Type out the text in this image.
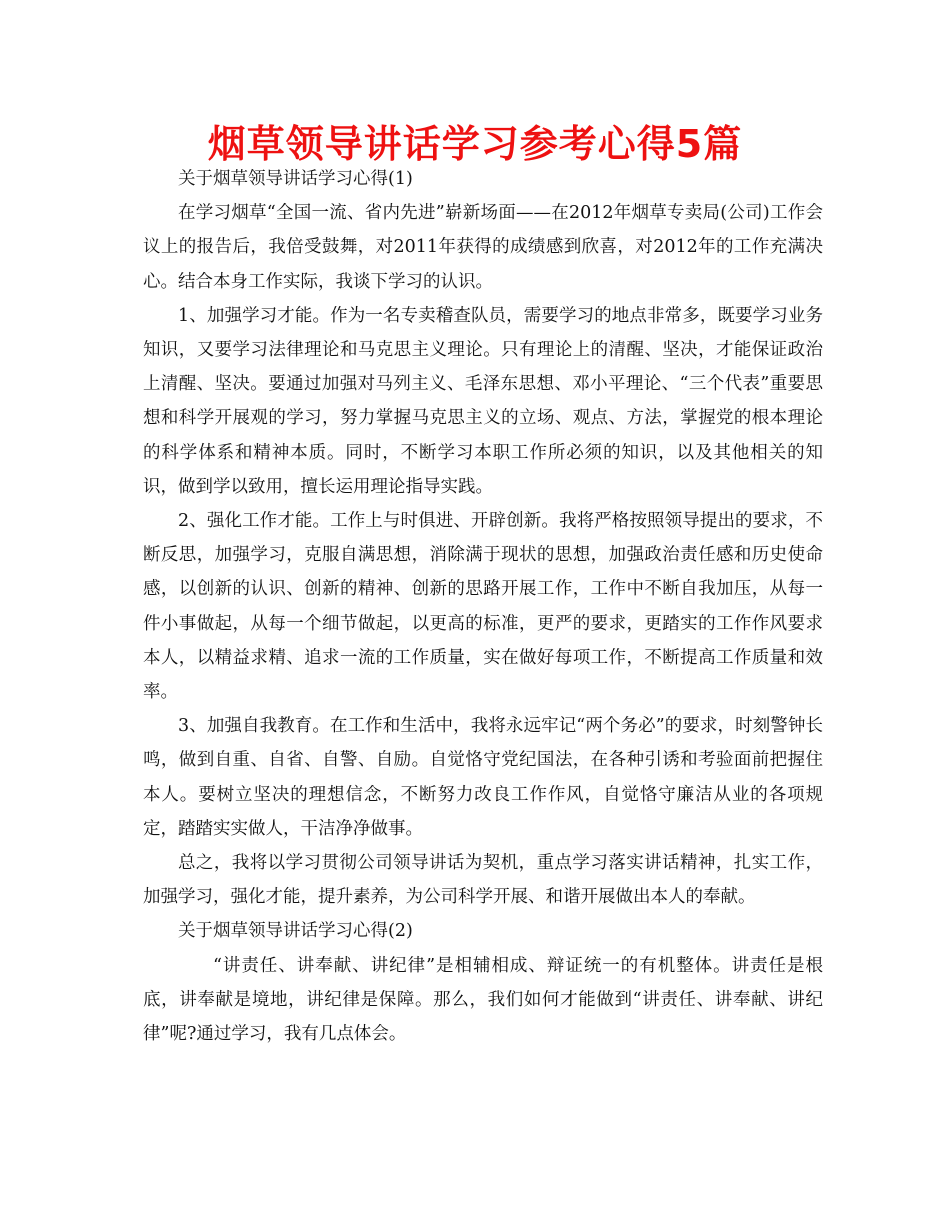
烟草领导讲话学习参考心得5篇

关于烟草领导讲话学习心得(1)

在学习烟草“全国一流、省内先进”崭新场面——在2012年烟草专卖局(公司)工作会议上的报告后，我倍受鼓舞，对2011年获得的成绩感到欣喜，对2012年的工作充满决心。结合本身工作实际，我谈下学习的认识。

1、加强学习才能。作为一名专卖稽查队员，需要学习的地点非常多，既要学习业务知识，又要学习法律理论和马克思主义理论。只有理论上的清醒、坚决，才能保证政治上清醒、坚决。要通过加强对马列主义、毛泽东思想、邓小平理论、“三个代表”重要思想和科学开展观的学习，努力掌握马克思主义的立场、观点、方法，掌握党的根本理论的科学体系和精神本质。同时，不断学习本职工作所必须的知识，以及其他相关的知识，做到学以致用，擅长运用理论指导实践。

2、强化工作才能。工作上与时俱进、开辟创新。我将严格按照领导提出的要求，不断反思，加强学习，克服自满思想，消除满于现状的思想，加强政治责任感和历史使命感，以创新的认识、创新的精神、创新的思路开展工作，工作中不断自我加压，从每一件小事做起，从每一个细节做起，以更高的标准，更严的要求，更踏实的工作作风要求本人，以精益求精、追求一流的工作质量，实在做好每项工作，不断提高工作质量和效率。

3、加强自我教育。在工作和生活中，我将永远牢记“两个务必”的要求，时刻警钟长鸣，做到自重、自省、自警、自励。自觉恪守党纪国法，在各种引诱和考验面前把握住本人。要树立坚决的理想信念，不断努力改良工作作风，自觉恪守廉洁从业的各项规定，踏踏实实做人，干洁净净做事。

总之，我将以学习贯彻公司领导讲话为契机，重点学习落实讲话精神，扎实工作，加强学习，强化才能，提升素养，为公司科学开展、和谐开展做出本人的奉献。

关于烟草领导讲话学习心得(2)

“讲责任、讲奉献、讲纪律”是相辅相成、辩证统一的有机整体。讲责任是根底，讲奉献是境地，讲纪律是保障。那么，我们如何才能做到“讲责任、讲奉献、讲纪律”呢?通过学习，我有几点体会。
